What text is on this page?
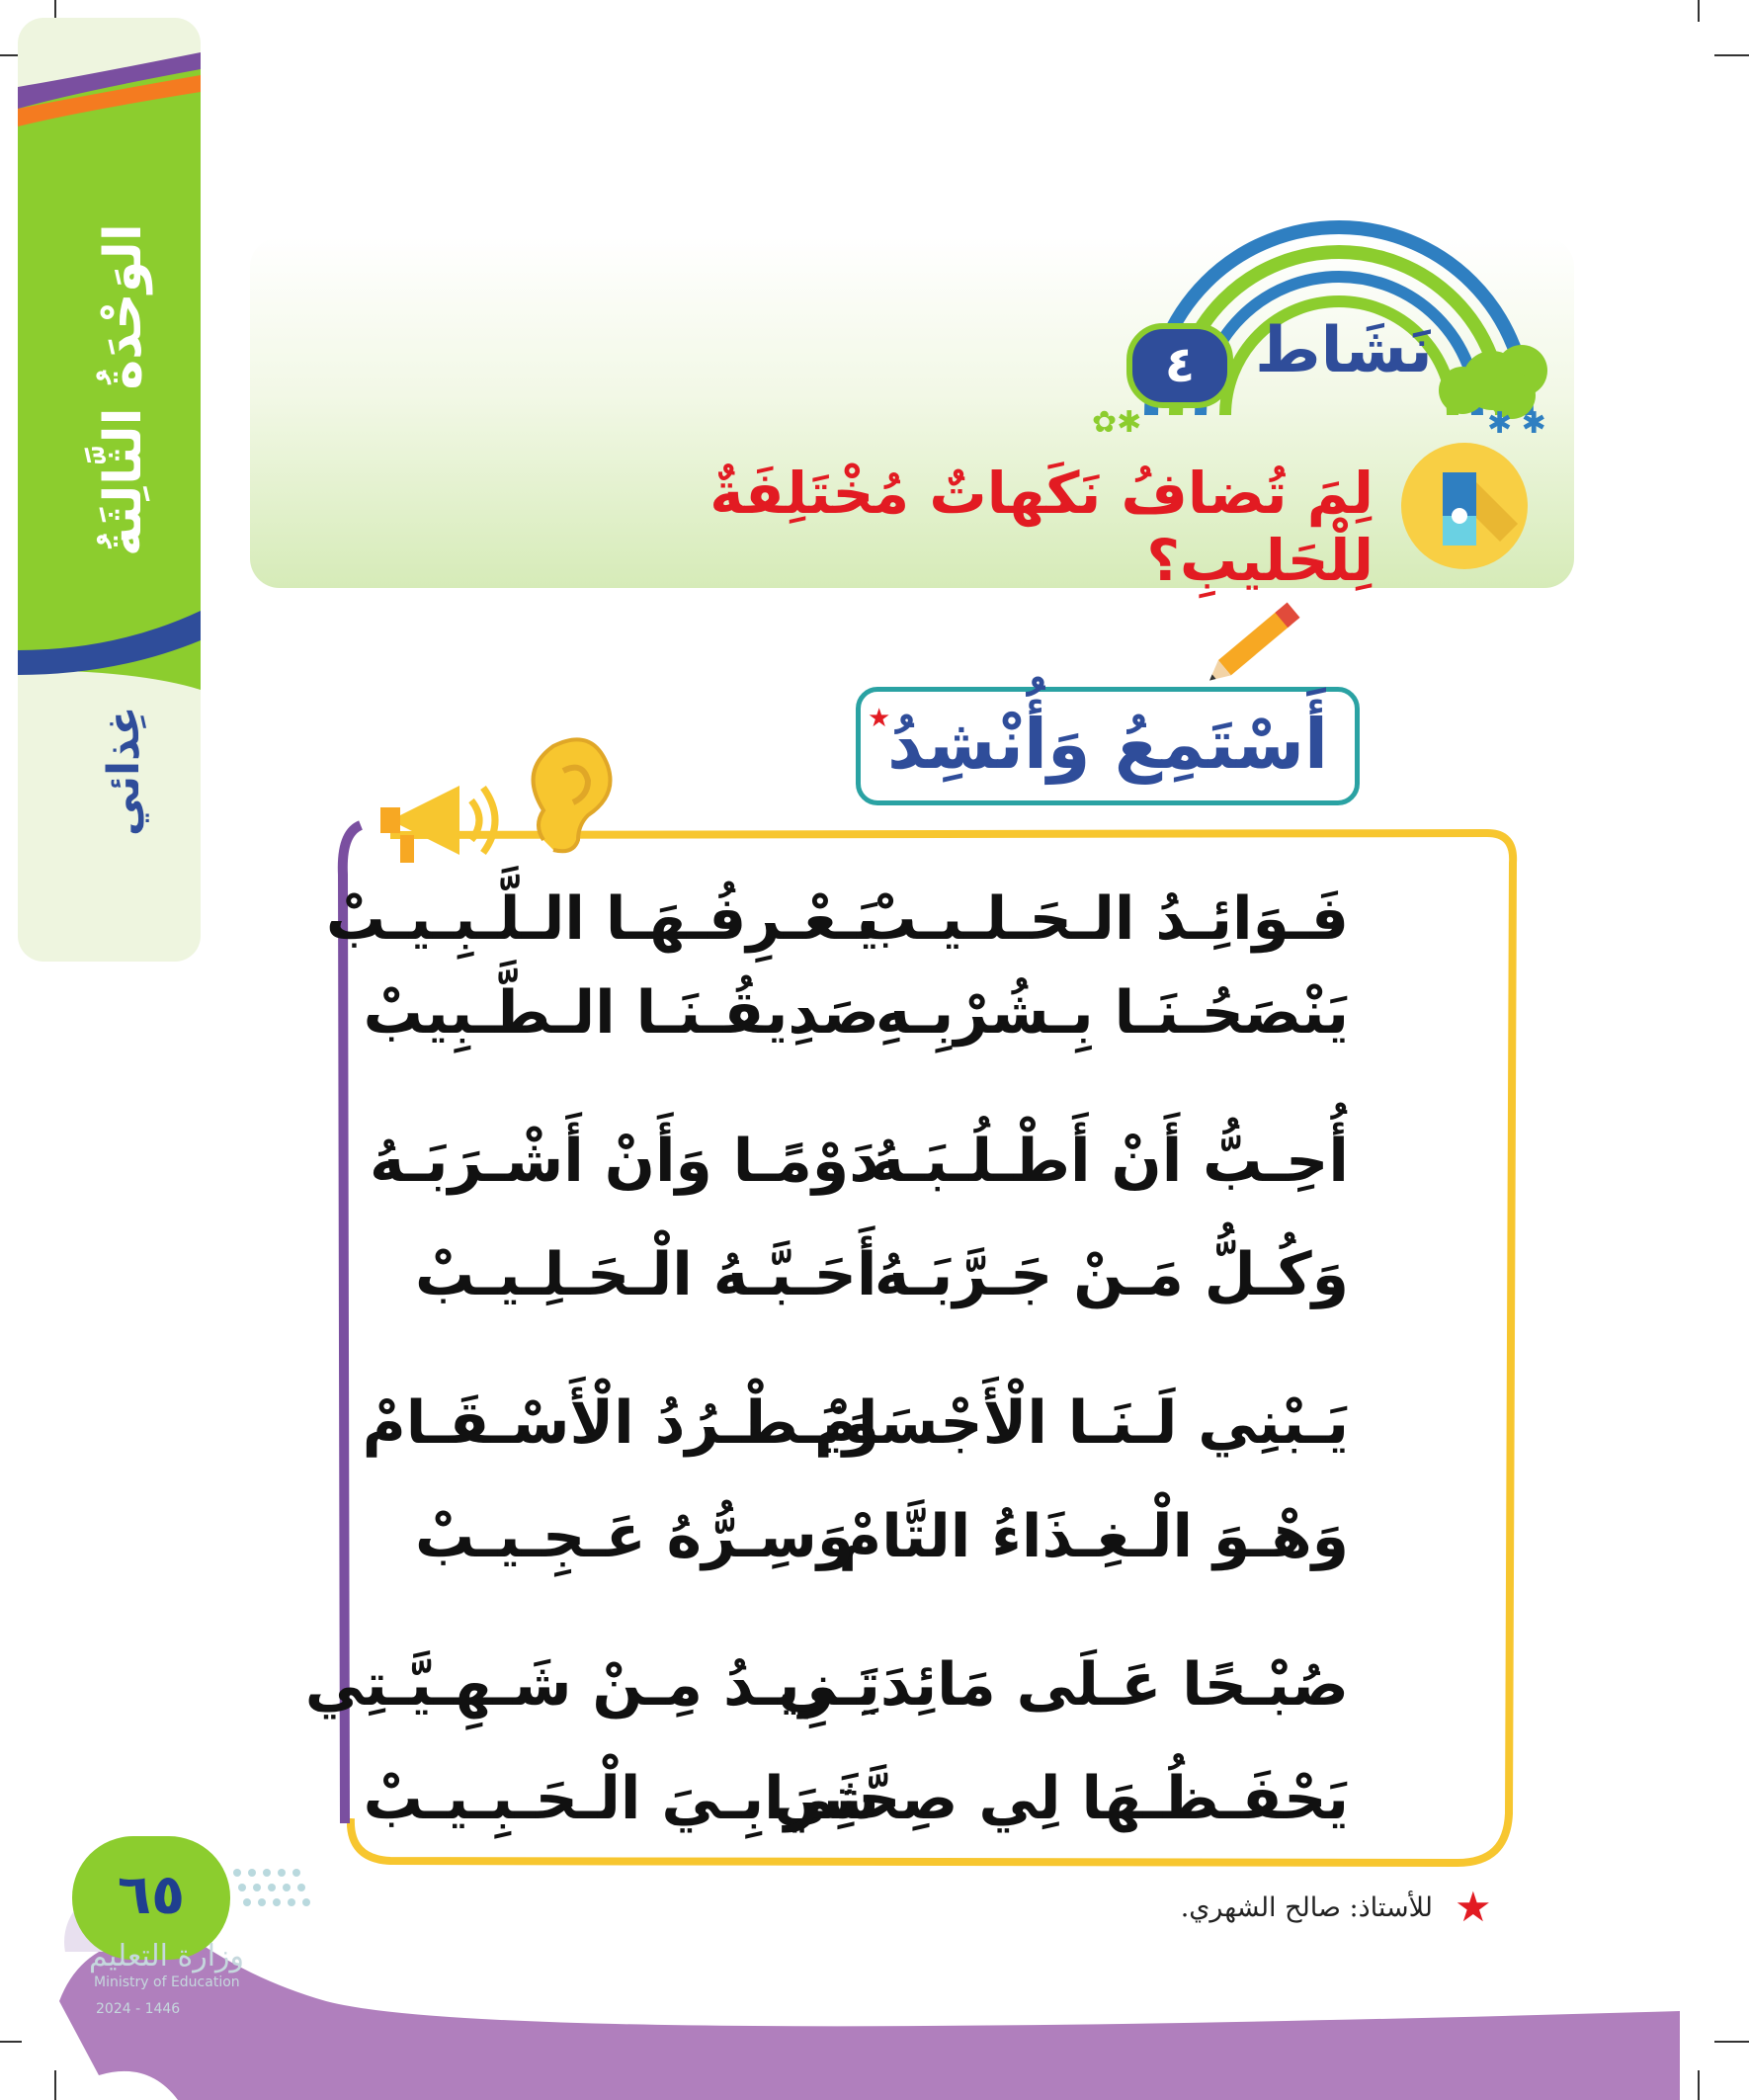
الوَحْدَةُ الثَّالِثَةُ
غِذائي
✱ ✱
نَشَاط
٤
✿✱
لِمَ تُضافُ نَكَهاتٌ مُخْتَلِفَةٌ لِلْحَليبِ؟
أَسْتَمِعُ وَأُنْشِدُ
★
فَـوَائِـدُ الـحَـلـيـبْ
يَـعْـرِفُـهَـا الـلَّـبِـيـبْ
يَنْصَحُـنَـا بِـشُرْبِـهِ
صَدِيقُـنَـا الـطَّـبِيبْ
أُحِـبُّ أَنْ أَطْـلُـبَـهُ
دَوْمًـا وَأَنْ أَشْـرَبَـهُ
وَكُـلُّ مَـنْ جَـرَّبَـهُ
أَحَـبَّـهُ الْـحَـلِـيـبْ
يَـبْنِي لَـنَـا الْأَجْسَامْ
وَيَـطْـرُدُ الْأَسْـقَـامْ
وَهْـوَ الْـغِـذَاءُ التَّامْ
وَسِـرُّهُ عَـجِـيـبْ
صُبْـحًا عَـلَى مَائِدَتِـي
يَـزِيـدُ مِـنْ شَـهِـيَّـتِي
يَحْفَـظُـهَا لِي صِحَّتِي
شَرَابِـيَ الْـحَـبِـيـبْ
٦٥
وزارة التعليم
Ministry of Education
2024 - 1446
للأستاذ: صالح الشهري. ★
